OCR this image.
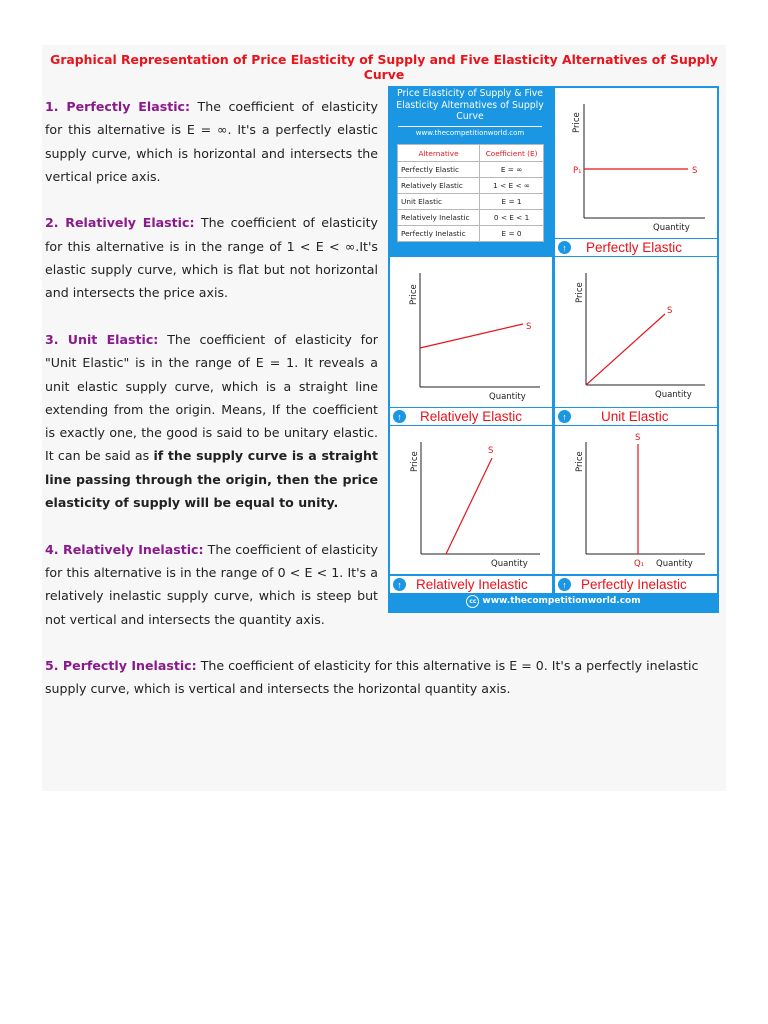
Graphical Representation of Price Elasticity of Supply and Five Elasticity Alternatives of Supply Curve

1. Perfectly Elastic: The coefficient of elasticity for this alternative is E = ∞. It's a perfectly elastic supply curve, which is horizontal and intersects the vertical price axis.

2. Relatively Elastic: The coefficient of elasticity for this alternative is in the range of 1 < E < ∞.It's elastic supply curve, which is flat but not horizontal and intersects the price axis.

3. Unit Elastic: The coefficient of elasticity for "Unit Elastic" is in the range of E = 1. It reveals a unit elastic supply curve, which is a straight line extending from the origin. Means, If the coefficient is exactly one, the good is said to be unitary elastic. It can be said as if the supply curve is a straight line passing through the origin, then the price elasticity of supply will be equal to unity.

4. Relatively Inelastic: The coefficient of elasticity for this alternative is in the range of 0 < E < 1. It's a relatively inelastic supply curve, which is steep but not vertical and intersects the quantity axis.

5. Perfectly Inelastic: The coefficient of elasticity for this alternative is E = 0. It's a perfectly inelastic supply curve, which is vertical and intersects the horizontal quantity axis.
Price Elasticity of Supply & Five Elasticity Alternatives of Supply Curve
www.thecompetitionworld.com
Alternative	Coefficient (E)
Perfectly Elastic	E = ∞
Relatively Elastic	1 < E < ∞
Unit Elastic	E = 1
Relatively Inelastic	0 < E < 1
Perfectly Inelastic	E = 0
Price
Quantity
P₁	S
↑	Perfectly Elastic
Price
Quantity
S
↑	Relatively Elastic
Price
Quantity
S
↑	Unit Elastic
Price
Quantity
S
↑	Relatively Inelastic
Price
Quantity
S
Q₁
↑	Perfectly Inelastic
cc www.thecompetitionworld.com
